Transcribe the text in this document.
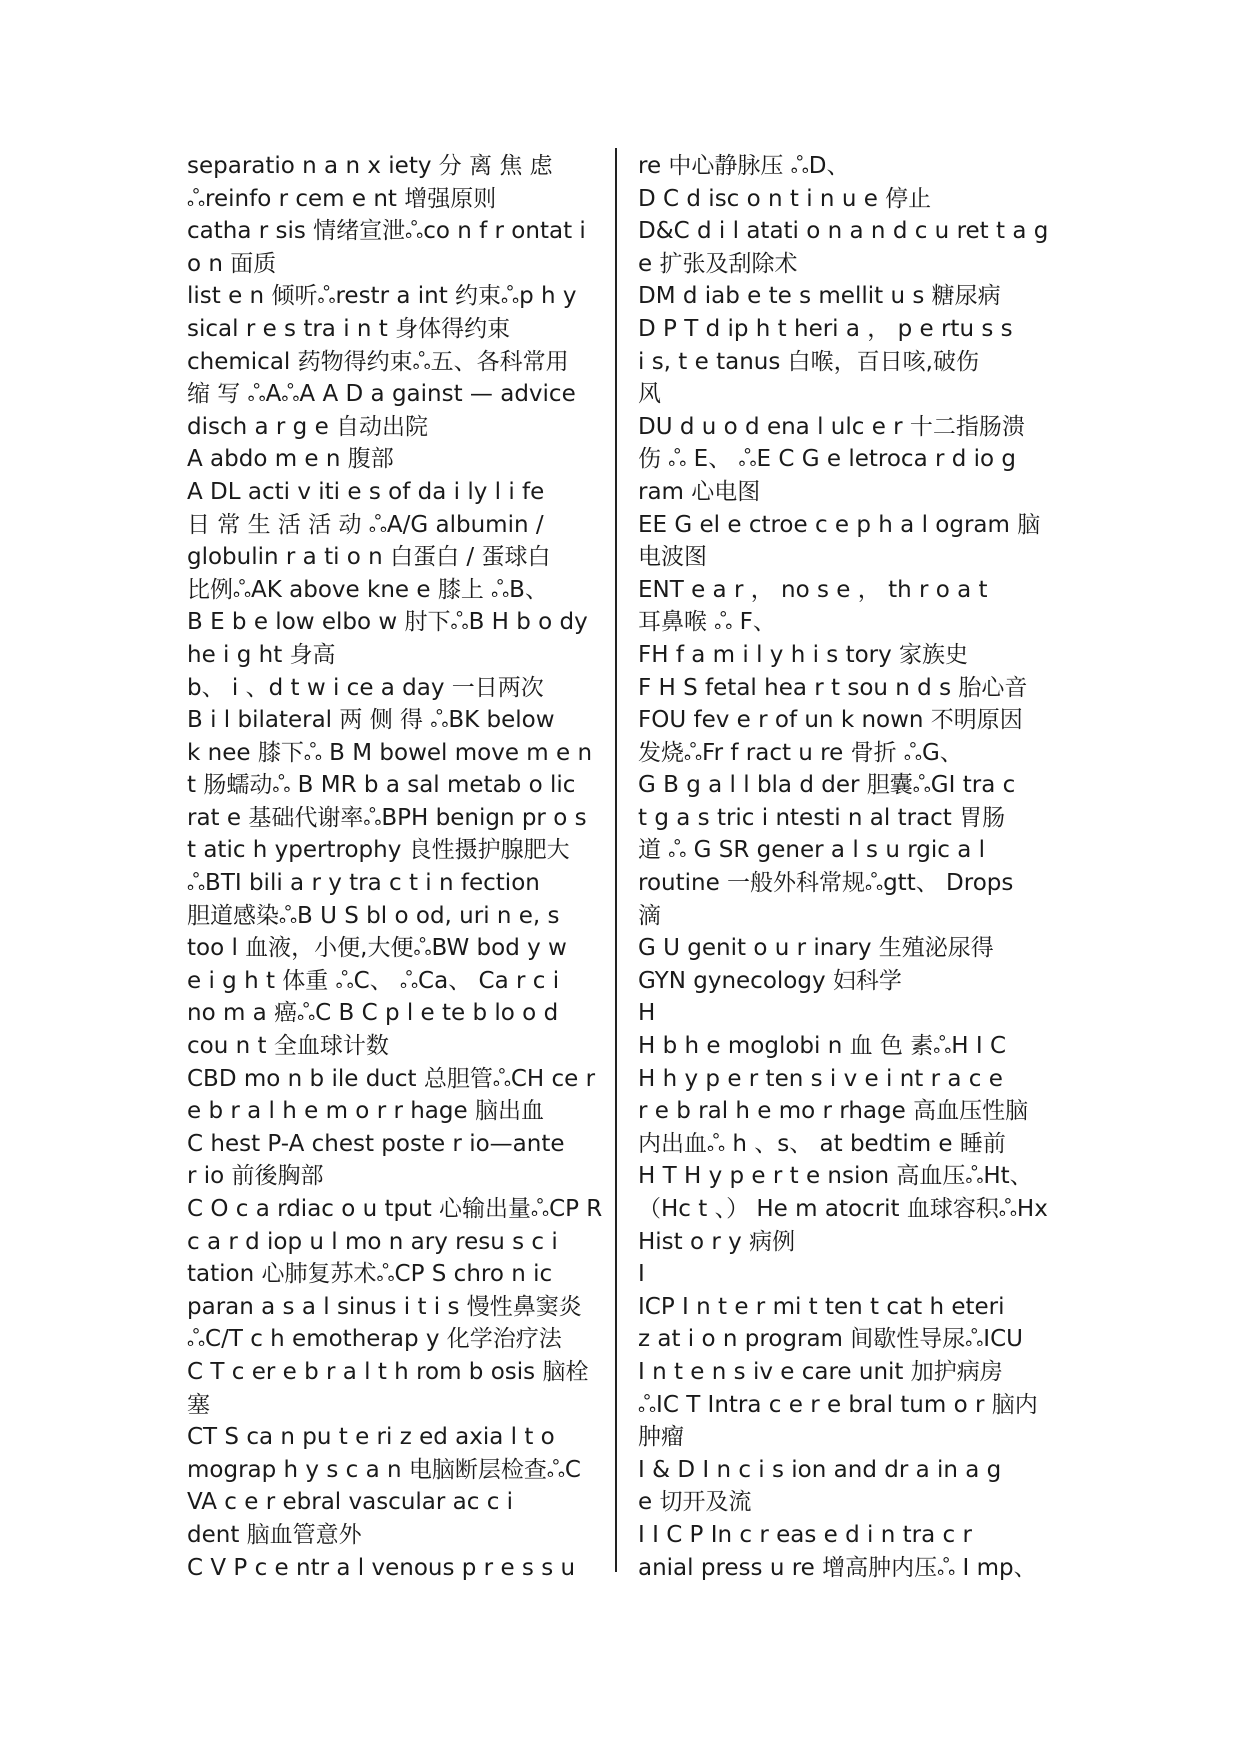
separatio n a n x iety 分 离 焦 虑
ஃreinfo r cem e nt 增强原则
catha r sis 情绪宣泄ஃco n f r ontat i
o n 面质
list e n 倾听ஃrestr a int 约束ஃp h y
sical r e s tra i n t 身体得约束
chemical 药物得约束ஃ五、各科常用
缩 写 ஃAஃA A D a gainst — advice
disch a r g e 自动出院
A abdo m e n 腹部
A DL acti v iti e s of da i ly l i fe
日 常 生 活 活 动 ஃA/G albumin /
globulin r a ti o n 白蛋白 / 蛋球白
比例ஃAK above kne e 膝上 ஃB、
B E b e low elbo w 肘下ஃB H b o dy
he i g ht 身高
b、 i 、d t w i ce a day 一日两次
B i l bilateral 两 侧 得 ஃBK below
k nee 膝下ஃ B M bowel move m e n
t 肠蠕动ஃ B MR b a sal metab o lic
rat e 基础代谢率ஃBPH benign pr o s
t atic h ypertrophy 良性摄护腺肥大
ஃBTI bili a r y tra c t i n fection
胆道感染ஃB U S bl o od, uri n e, s
too l 血液，小便,大便ஃBW bod y w
e i g h t 体重 ஃC、 ஃCa、 Ca r c i
no m a 癌ஃC B C p l e te b lo o d
cou n t 全血球计数
CBD mo n b ile duct 总胆管ஃCH ce r
e b r a l h e m o r r hage 脑出血
C hest P-A chest poste r io—ante
r io 前後胸部
C O c a rdiac o u tput 心输出量ஃCP R
c a r d iop u l mo n ary resu s c i
tation 心肺复苏术ஃCP S chro n ic
paran a s a l sinus i t i s 慢性鼻窦炎
ஃC/T c h emotherap y 化学治疗法
C T c er e b r a l t h rom b osis 脑栓
塞
CT S ca n pu t e ri z ed axia l t o
mograp h y s c a n 电脑断层检查ஃC
VA c e r ebral vascular ac c i
dent 脑血管意外
C V P c e ntr a l venous p r e s s u
re 中心静脉压 ஃD、
D C d isc o n t i n u e 停止
D&C d i l atati o n a n d c u ret t a g
e 扩张及刮除术
DM d iab e te s mellit u s 糖尿病
D P T d ip h t heri a ， p e rtu s s
i s, t e tanus 白喉，百日咳,破伤
风
DU d u o d ena l ulc e r 十二指肠溃
伤 ஃ E、 ஃE C G e letroca r d io g
ram 心电图
EE G el e ctroe c e p h a l ogram 脑
电波图
ENT e a r ， no s e ， th r o a t
耳鼻喉 ஃ F、
FH f a m i l y h i s tory 家族史
F H S fetal hea r t sou n d s 胎心音
FOU fev e r of un k nown 不明原因
发烧ஃFr f ract u re 骨折 ஃG、
G B g a l l bla d der 胆囊ஃGI tra c
t g a s tric i ntesti n al tract 胃肠
道 ஃ G SR gener a l s u rgic a l
routine 一般外科常规ஃgtt、 Drops
滴
G U genit o u r inary 生殖泌尿得
GYN gynecology 妇科学
H
H b h e moglobi n 血 色 素ஃH I C
H h y p e r ten s i v e i nt r a c e
r e b ral h e mo r rhage 高血压性脑
内出血ஃ h 、s、 at bedtim e 睡前
H T H y p e r t e nsion 高血压ஃHt、
（Hc t 、） He m atocrit 血球容积ஃHx
Hist o r y 病例
I
ICP I n t e r mi t ten t cat h eteri
z at i o n program 间歇性导尿ஃICU
I n t e n s iv e care unit 加护病房
ஃIC T Intra c e r e bral tum o r 脑内
肿瘤
I & D I n c i s ion and dr a in a g
e 切开及流
I I C P In c r eas e d i n tra c r
anial press u re 增高肿内压ஃ I mp、
